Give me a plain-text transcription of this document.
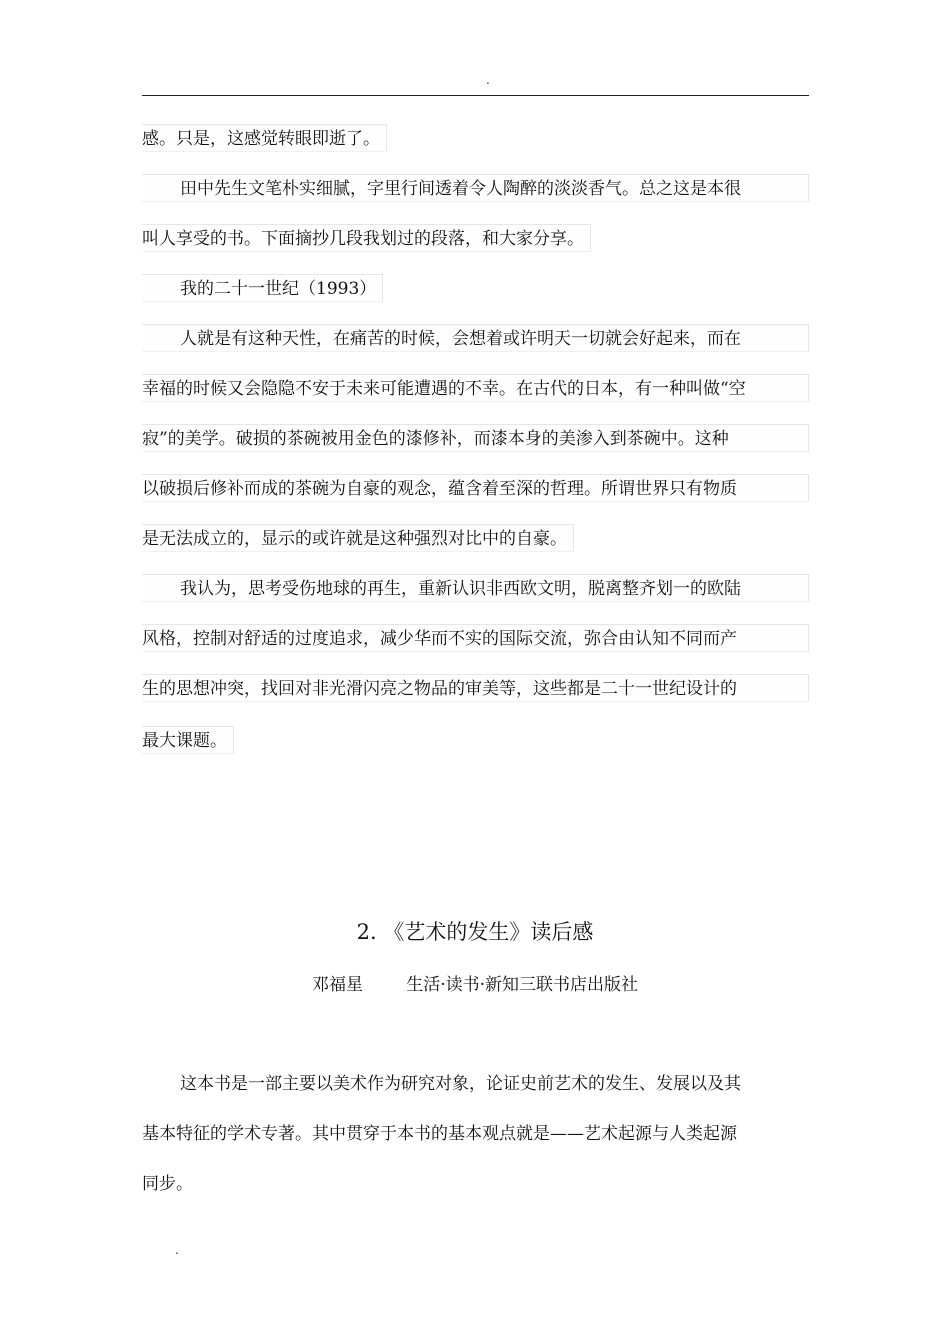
.
感。只是，这感觉转眼即逝了。
田中先生文笔朴实细腻，字里行间透着令人陶醉的淡淡香气。总之这是本很
叫人享受的书。下面摘抄几段我划过的段落，和大家分享。
我的二十一世纪（1993）
人就是有这种天性，在痛苦的时候，会想着或许明天一切就会好起来，而在
幸福的时候又会隐隐不安于未来可能遭遇的不幸。在古代的日本，有一种叫做“空
寂”的美学。破损的茶碗被用金色的漆修补，而漆本身的美渗入到茶碗中。这种
以破损后修补而成的茶碗为自豪的观念，蕴含着至深的哲理。所谓世界只有物质
是无法成立的，显示的或许就是这种强烈对比中的自豪。
我认为，思考受伤地球的再生，重新认识非西欧文明，脱离整齐划一的欧陆
风格，控制对舒适的过度追求，减少华而不实的国际交流，弥合由认知不同而产
生的思想冲突，找回对非光滑闪亮之物品的审美等，这些都是二十一世纪设计的
最大课题。
2. 《艺术的发生》读后感
邓福星        生活·读书·新知三联书店出版社
这本书是一部主要以美术作为研究对象，论证史前艺术的发生、发展以及其
基本特征的学术专著。其中贯穿于本书的基本观点就是——艺术起源与人类起源
同步。
.
